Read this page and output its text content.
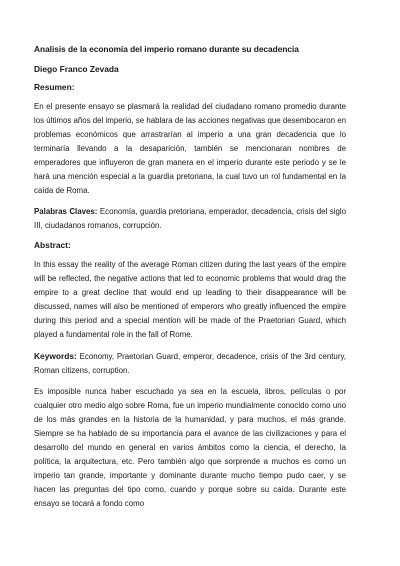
Analisis de la economía del imperio romano durante su decadencia
Diego Franco Zevada
Resumen:

En el presente ensayo se plasmará la realidad del ciudadano romano promedio durante los últimos años del imperio, se hablara de las acciones negativas que desembocaron en problemas económicos que arrastrarían al imperio a una gran decadencia que lo terminaría llevando a la desaparición, también se mencionaran nombres de emperadores que influyeron de gran manera en el imperio durante este periodo y se le hará una mención especial a la guardia pretoriana, la cual tuvo un rol fundamental en la caída de Roma.

Palabras Claves: Economía, guardia pretoriana, emperador, decadencia, crisis del siglo III, ciudadanos romanos, corrupción.

Abstract:

In this essay the reality of the average Roman citizen during the last years of the empire will be reflected, the negative actions that led to economic problems that would drag the empire to a great decline that would end up leading to their disappearance will be discussed, names will also be mentioned of emperors who greatly influenced the empire during this period and a special mention will be made of the Praetorian Guard, which played a fundamental role in the fall of Rome.

Keywords: Economy, Praetorian Guard, emperor, decadence, crisis of the 3rd century, Roman citizens, corruption.

Es imposible nunca haber escuchado ya sea en la escuela, libros, películas o por cualquier otro medio algo sobre Roma, fue un imperio mundialmente conocido como uno de los más grandes en la historia de la humanidad, y para muchos, el más grande. Siempre se ha hablado de su importancia para el avance de las civilizaciones y para el desarrollo del mundo en general en varios ámbitos como la ciencia, el derecho, la política, la arquitectura, etc. Pero también algo que sorprende a muchos es como un imperio tan grande, importante y dominante durante mucho tiempo pudo caer, y se hacen las preguntas del tipo como, cuando y porque sobre su caída. Durante este ensayo se tocará a fondo como
